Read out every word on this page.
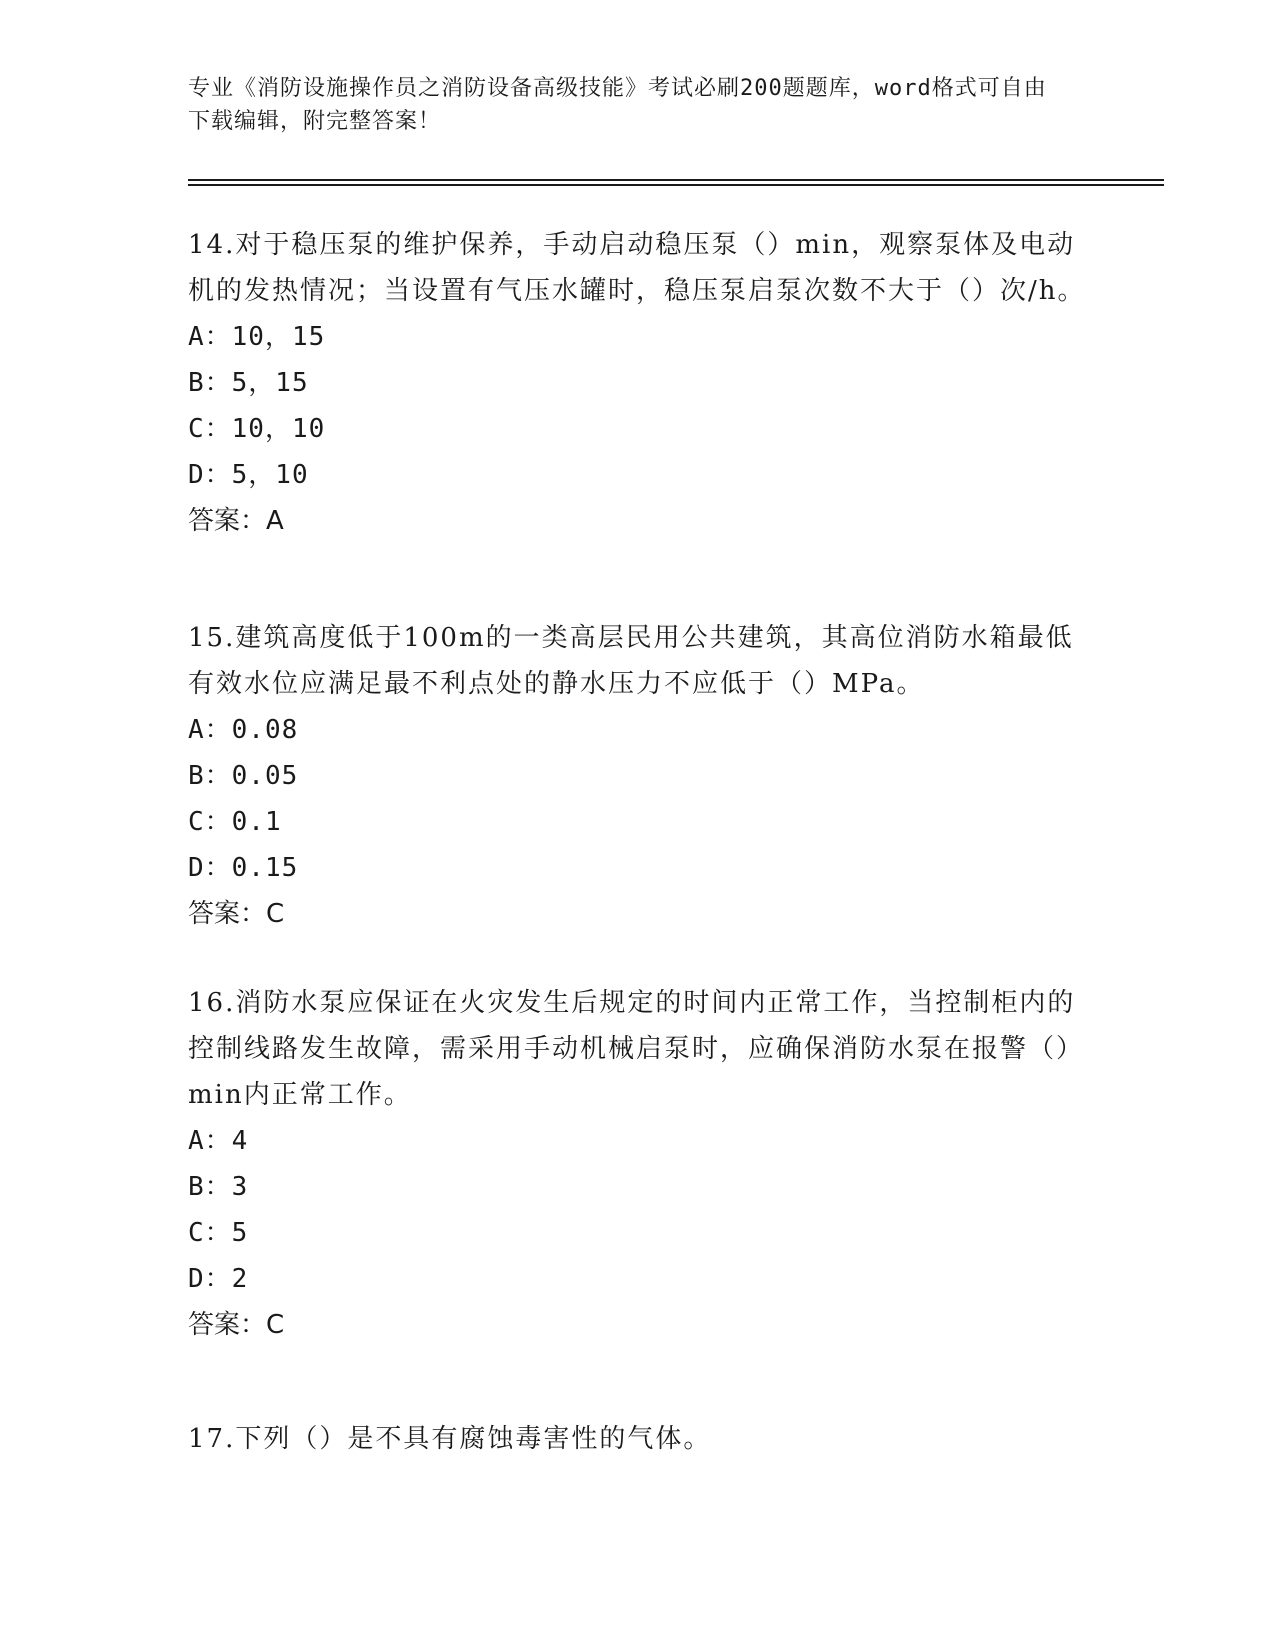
专业《消防设施操作员之消防设备高级技能》考试必刷200题题库，word格式可自由下载编辑，附完整答案！

14.对于稳压泵的维护保养，手动启动稳压泵（）min，观察泵体及电动机的发热情况；当设置有气压水罐时，稳压泵启泵次数不大于（）次/h。

A：10，15

B：5，15

C：10，10

D：5，10

答案：A

15.建筑高度低于100m的一类高层民用公共建筑，其高位消防水箱最低有效水位应满足最不利点处的静水压力不应低于（）MPa。

A：0.08

B：0.05

C：0.1

D：0.15

答案：C

16.消防水泵应保证在火灾发生后规定的时间内正常工作，当控制柜内的控制线路发生故障，需采用手动机械启泵时，应确保消防水泵在报警（）min内正常工作。

A：4

B：3

C：5

D：2

答案：C

17.下列（）是不具有腐蚀毒害性的气体。
